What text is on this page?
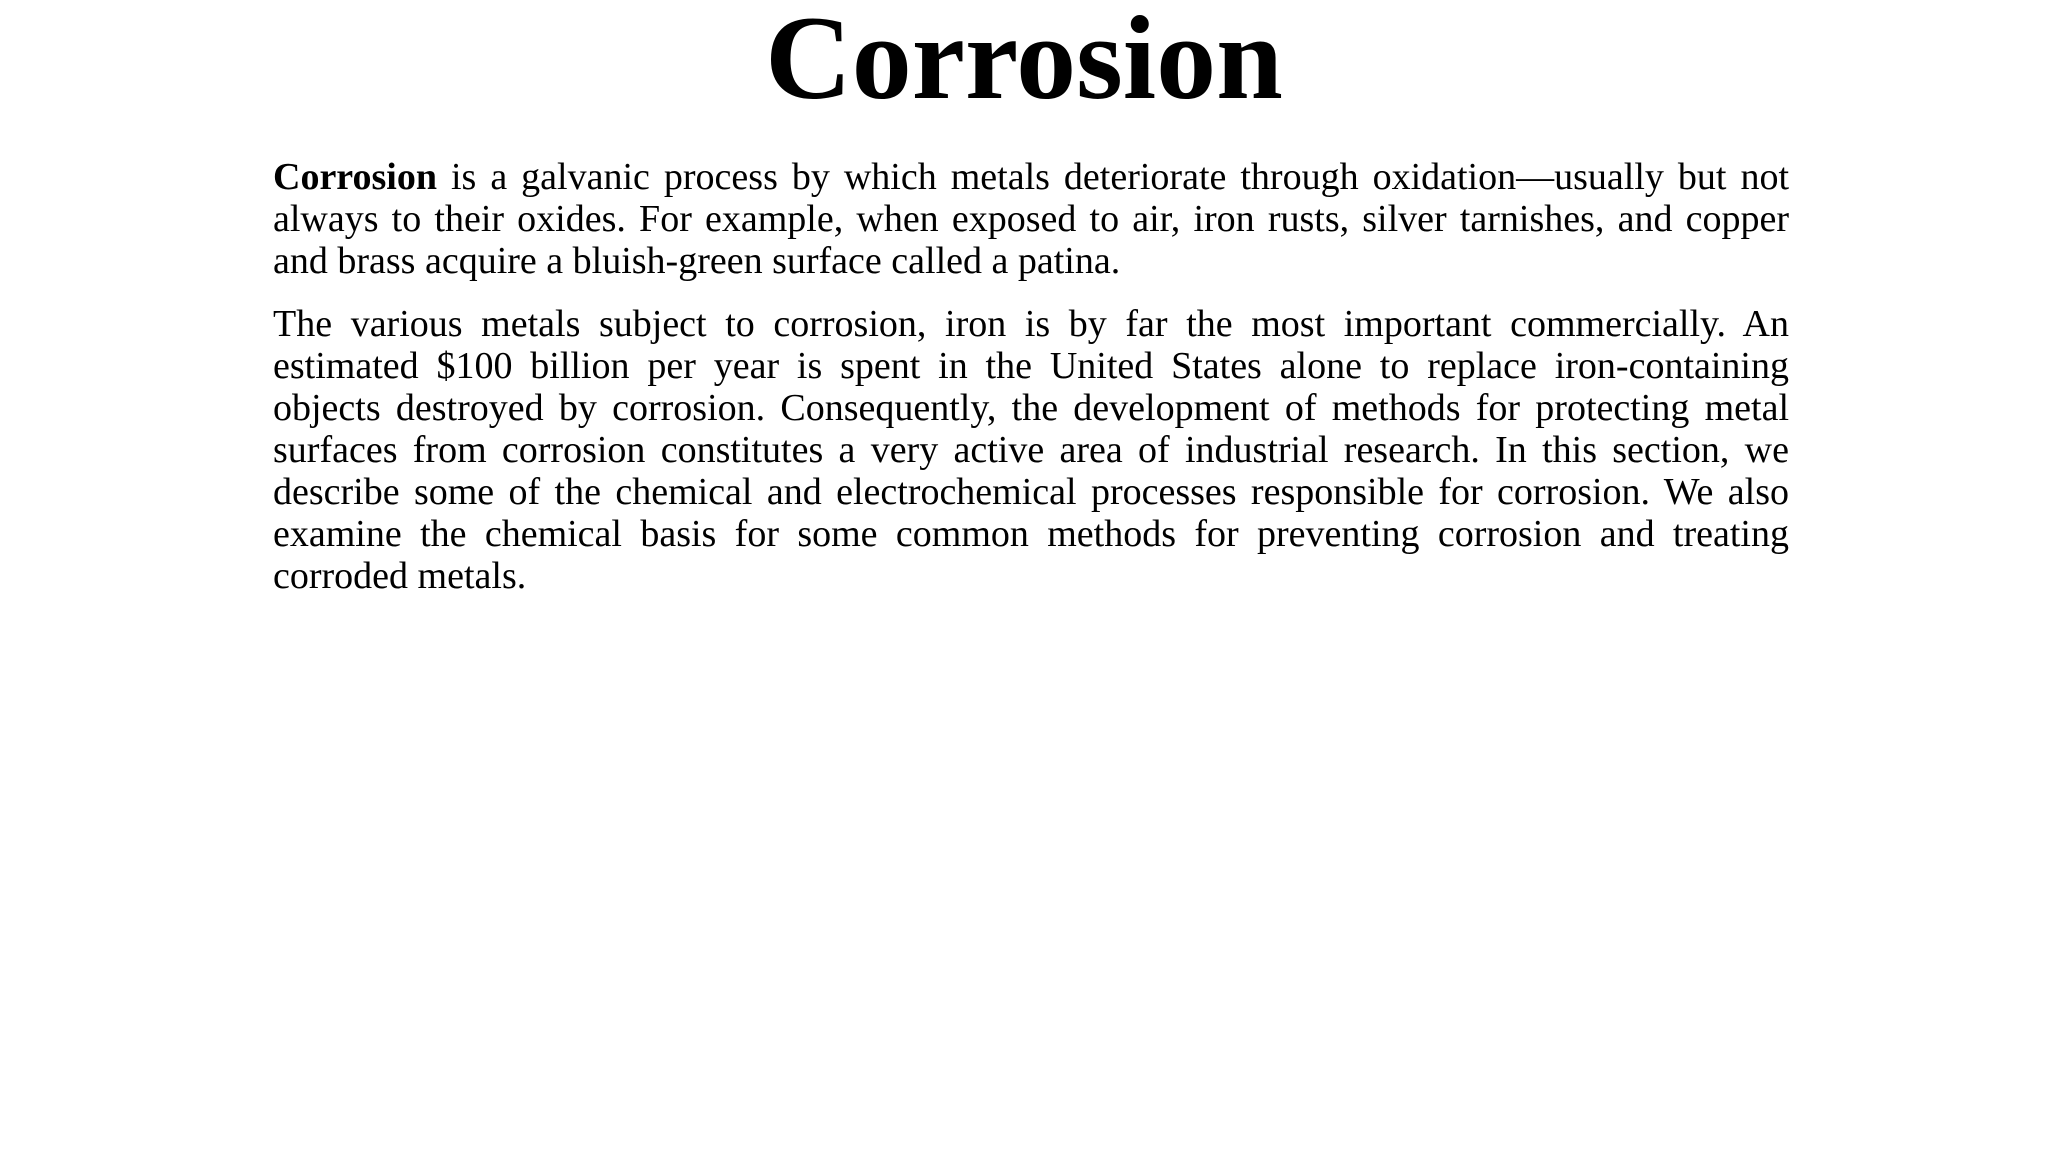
Corrosion

Corrosion is a galvanic process by which metals deteriorate through oxidation—usually but not always to their oxides. For example, when exposed to air, iron rusts, silver tarnishes, and copper and brass acquire a bluish-green surface called a patina.

The various metals subject to corrosion, iron is by far the most important commercially. An estimated $100 billion per year is spent in the United States alone to replace iron-containing objects destroyed by corrosion. Consequently, the development of methods for protecting metal surfaces from corrosion constitutes a very active area of industrial research. In this section, we describe some of the chemical and electrochemical processes responsible for corrosion. We also examine the chemical basis for some common methods for preventing corrosion and treating corroded metals.
